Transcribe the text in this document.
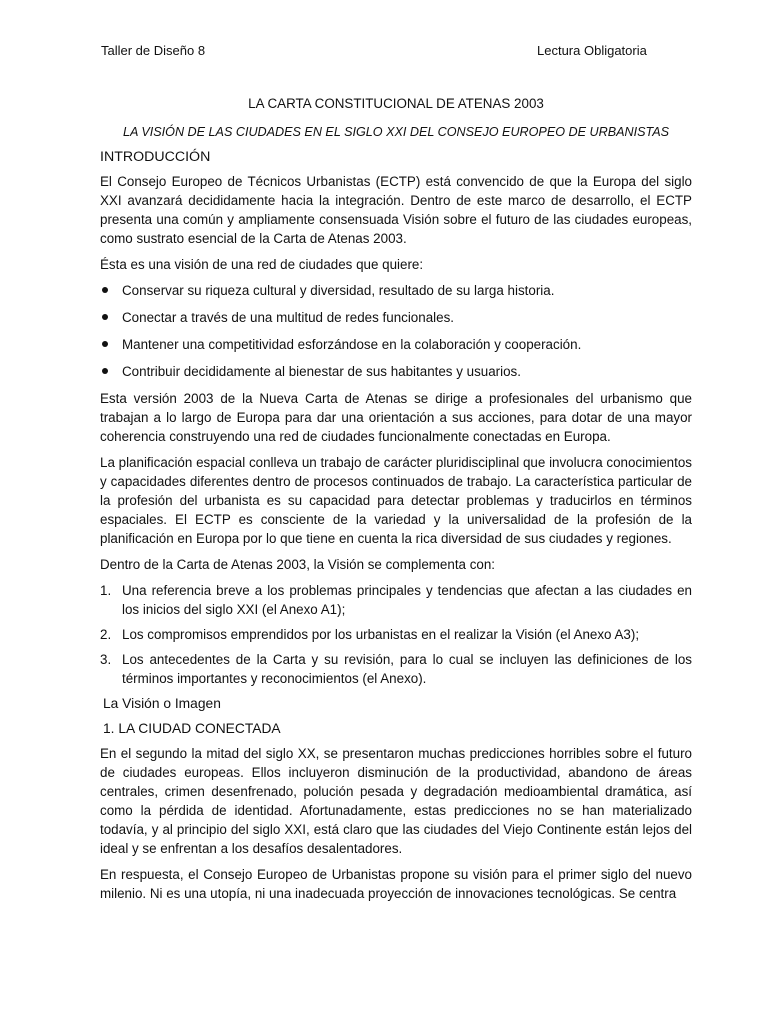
Taller de Diseño 8	Lectura Obligatoria

LA CARTA CONSTITUCIONAL DE ATENAS 2003

LA VISIÓN DE LAS CIUDADES EN EL SIGLO XXI DEL CONSEJO EUROPEO DE URBANISTAS

INTRODUCCIÓN

El Consejo Europeo de Técnicos Urbanistas (ECTP) está convencido de que la Europa del siglo XXI avanzará decididamente hacia la integración. Dentro de este marco de desarrollo, el ECTP presenta una común y ampliamente consensuada Visión sobre el futuro de las ciudades europeas, como sustrato esencial de la Carta de Atenas 2003.

Ésta es una visión de una red de ciudades que quiere:

Conservar su riqueza cultural y diversidad, resultado de su larga historia.
Conectar a través de una multitud de redes funcionales.
Mantener una competitividad esforzándose en la colaboración y cooperación.
Contribuir decididamente al bienestar de sus habitantes y usuarios.

Esta versión 2003 de la Nueva Carta de Atenas se dirige a profesionales del urbanismo que trabajan a lo largo de Europa para dar una orientación a sus acciones, para dotar de una mayor coherencia construyendo una red de ciudades funcionalmente conectadas en Europa.

La planificación espacial conlleva un trabajo de carácter pluridisciplinal que involucra conocimientos y capacidades diferentes dentro de procesos continuados de trabajo. La característica particular de la profesión del urbanista es su capacidad para detectar problemas y traducirlos en términos espaciales. El ECTP es consciente de la variedad y la universalidad de la profesión de la planificación en Europa por lo que tiene en cuenta la rica diversidad de sus ciudades y regiones.

Dentro de la Carta de Atenas 2003, la Visión se complementa con:

1. Una referencia breve a los problemas principales y tendencias que afectan a las ciudades en los inicios del siglo XXI (el Anexo A1);
2. Los compromisos emprendidos por los urbanistas en el realizar la Visión (el Anexo A3);
3. Los antecedentes de la Carta y su revisión, para lo cual se incluyen las definiciones de los términos importantes y reconocimientos (el Anexo).
La Visión o Imagen
1. LA CIUDAD CONECTADA

En el segundo la mitad del siglo XX, se presentaron muchas predicciones horribles sobre el futuro de ciudades europeas. Ellos incluyeron disminución de la productividad, abandono de áreas centrales, crimen desenfrenado, polución pesada y degradación medioambiental dramática, así como la pérdida de identidad. Afortunadamente, estas predicciones no se han materializado todavía, y al principio del siglo XXI, está claro que las ciudades del Viejo Continente están lejos del ideal y se enfrentan a los desafíos desalentadores.

En respuesta, el Consejo Europeo de Urbanistas propone su visión para el primer siglo del nuevo milenio. Ni es una utopía, ni una inadecuada proyección de innovaciones tecnológicas. Se centra
